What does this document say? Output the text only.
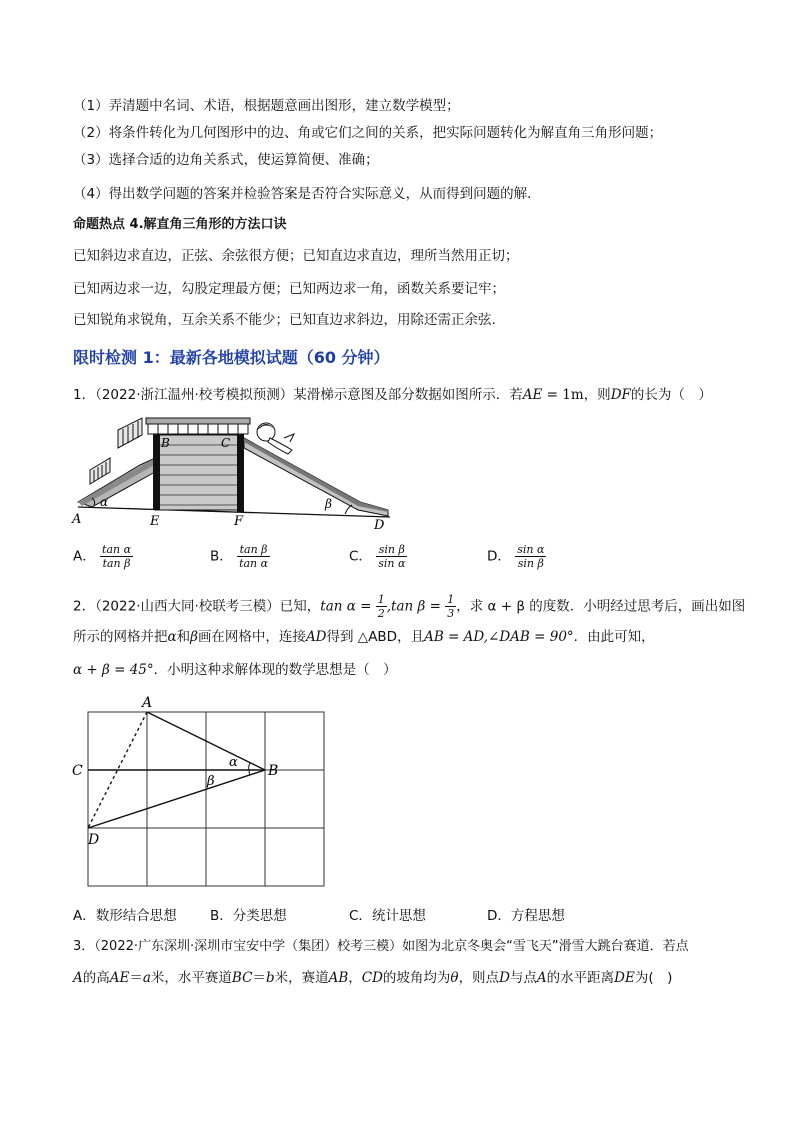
（1）弄清题中名词、术语，根据题意画出图形，建立数学模型；
（2）将条件转化为几何图形中的边、角或它们之间的关系，把实际问题转化为解直角三角形问题；
（3）选择合适的边角关系式，使运算简便、准确；
（4）得出数学问题的答案并检验答案是否符合实际意义，从而得到问题的解．
命题热点 4.解直角三角形的方法口诀
已知斜边求直边，正弦、余弦很方便；已知直边求直边，理所当然用正切；
已知两边求一边，勾股定理最方便；已知两边求一角，函数关系要记牢；
已知锐角求锐角，互余关系不能少；已知直边求斜边，用除还需正余弦.
限时检测 1：最新各地模拟试题（60 分钟）
1．（2022·浙江温州·校考模拟预测）某滑梯示意图及部分数据如图所示．若AE = 1m，则DF的长为（　）
A
B	C
D
E	F
α	β
A． $\frac{\text{tan α}}{\text{tan β}}$	B． $\frac{\text{tan β}}{\text{tan α}}$	C． $\frac{\text{sin β}}{\text{sin α}}$	D． $\frac{\text{sin α}}{\text{sin β}}$
2．（2022·山西大同·校联考三模）已知，$\tan \alpha = \frac{1}{2} ,\tan$ $\beta = \frac{1}{3}$ ，求 α + β 的度数．小明经过思考后，画出如图
所示的网格并把α和β画在网格中，连接AD得到 △ABD，且AB = AD,∠DAB = 90°．由此可知，
α + β = 45°．小明这种求解体现的数学思想是（　）
A
B
C
D
α
β
A．数形结合思想 B．分类思想	C．统计思想	D．方程思想
3．（2022·广东深圳·深圳市宝安中学（集团）校考三模）如图为北京冬奥会“雪飞天”滑雪大跳台赛道．若点
A的高AE＝a米，水平赛道BC＝b米，赛道AB，CD的坡角均为θ，则点D与点A的水平距离DE为(　)
